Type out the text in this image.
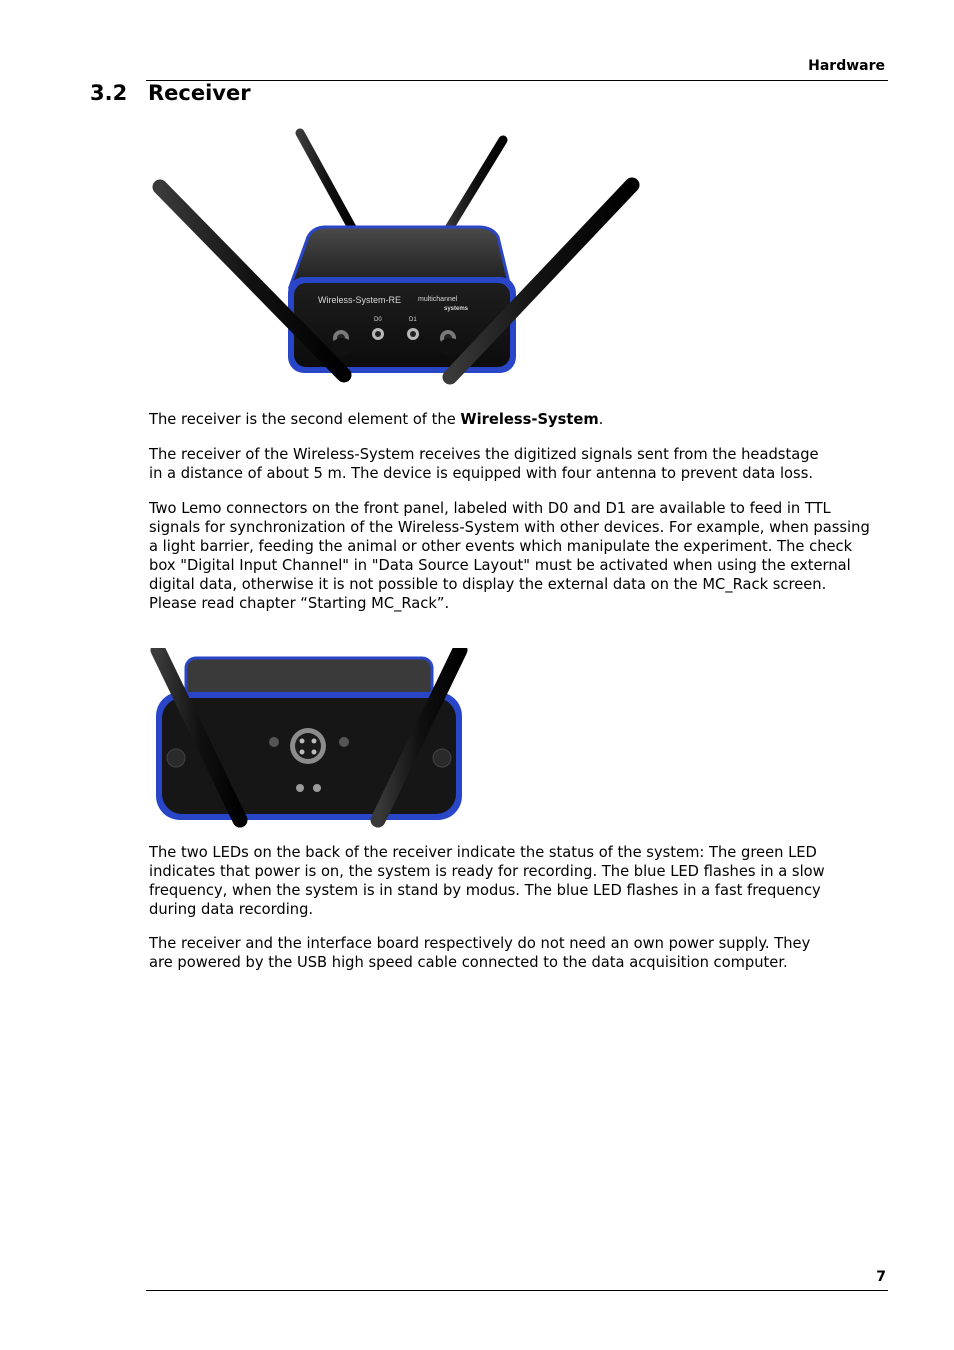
Hardware
3.2 Receiver
Wireless-System-RE multichannel
systems
D0	D1

The receiver is the second element of the Wireless-System.

The receiver of the Wireless-System receives the digitized signals sent from the headstage
in a distance of about 5 m. The device is equipped with four antenna to prevent data loss.

Two Lemo connectors on the front panel, labeled with D0 and D1 are available to feed in TTL
signals for synchronization of the Wireless-System with other devices. For example, when passing
a light barrier, feeding the animal or other events which manipulate the experiment. The check
box "Digital Input Channel" in "Data Source Layout" must be activated when using the external
digital data, otherwise it is not possible to display the external data on the MC_Rack screen.
Please read chapter “Starting MC_Rack”.

The two LEDs on the back of the receiver indicate the status of the system: The green LED
indicates that power is on, the system is ready for recording. The blue LED flashes in a slow
frequency, when the system is in stand by modus. The blue LED flashes in a fast frequency
during data recording.

The receiver and the interface board respectively do not need an own power supply. They
are powered by the USB high speed cable connected to the data acquisition computer.

7
